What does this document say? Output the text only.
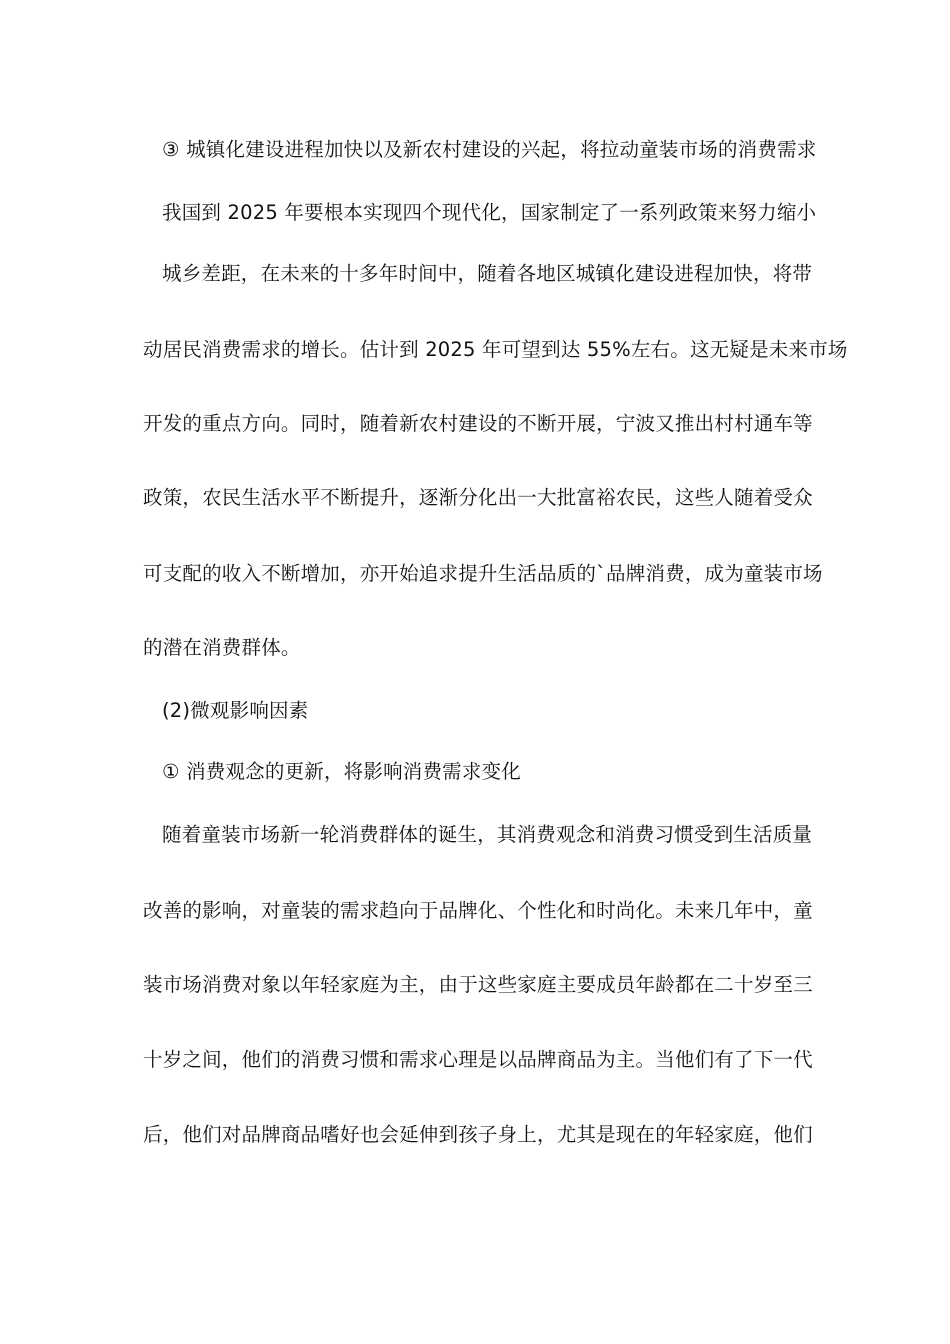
③ 城镇化建设进程加快以及新农村建设的兴起，将拉动童装市场的消费需求
我国到 2025 年要根本实现四个现代化，国家制定了一系列政策来努力缩小
城乡差距，在未来的十多年时间中，随着各地区城镇化建设进程加快，将带
动居民消费需求的增长。估计到 2025 年可望到达 55%左右。这无疑是未来市场
开发的重点方向。同时，随着新农村建设的不断开展，宁波又推出村村通车等
政策，农民生活水平不断提升，逐渐分化出一大批富裕农民，这些人随着受众
可支配的收入不断增加，亦开始追求提升生活品质的`品牌消费，成为童装市场
的潜在消费群体。
(2)微观影响因素
① 消费观念的更新，将影响消费需求变化
随着童装市场新一轮消费群体的诞生，其消费观念和消费习惯受到生活质量
改善的影响，对童装的需求趋向于品牌化、个性化和时尚化。未来几年中，童
装市场消费对象以年轻家庭为主，由于这些家庭主要成员年龄都在二十岁至三
十岁之间，他们的消费习惯和需求心理是以品牌商品为主。当他们有了下一代
后，他们对品牌商品嗜好也会延伸到孩子身上，尤其是现在的年轻家庭，他们
